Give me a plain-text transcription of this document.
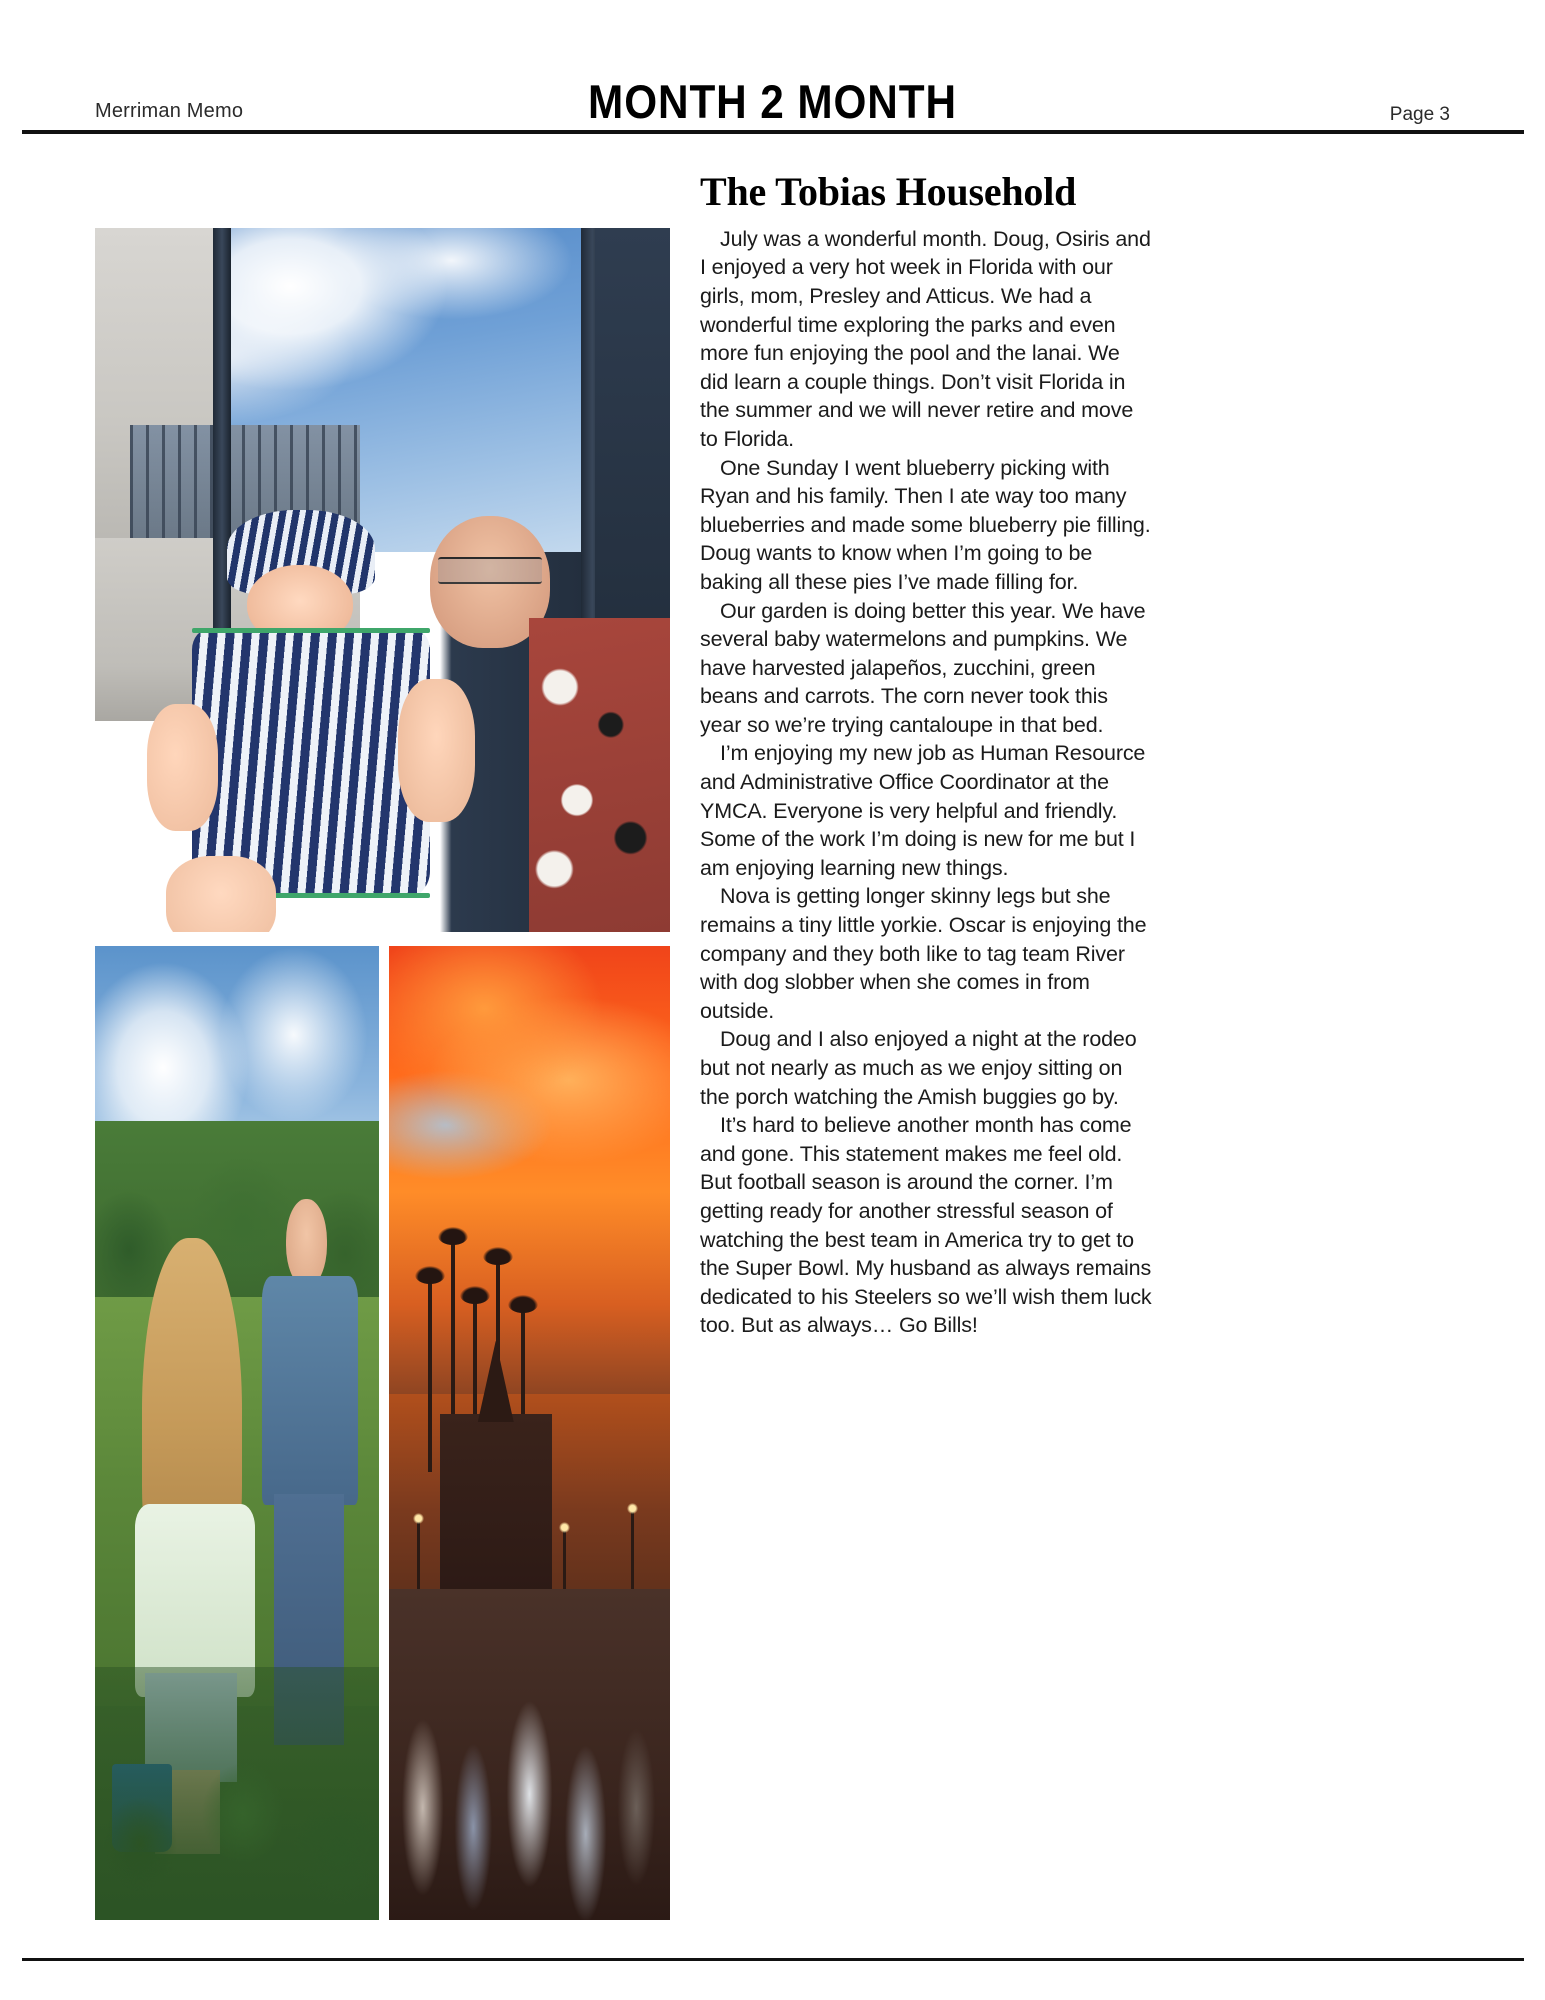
Merriman Memo	MONTH 2 MONTH	Page 3
The Tobias Household

July was a wonderful month. Doug, Osiris and I enjoyed a very hot week in Florida with our girls, mom, Presley and Atticus. We had a wonderful time exploring the parks and even more fun enjoying the pool and the lanai. We did learn a couple things. Don’t visit Florida in the summer and we will never retire and move to Florida.

One Sunday I went blueberry picking with Ryan and his family. Then I ate way too many blueberries and made some blueberry pie filling. Doug wants to know when I’m going to be baking all these pies I’ve made filling for.

Our garden is doing better this year. We have several baby watermelons and pumpkins. We have harvested jalapeños, zucchini, green beans and carrots. The corn never took this year so we’re trying cantaloupe in that bed.

I’m enjoying my new job as Human Resource and Administrative Office Coordinator at the YMCA. Everyone is very helpful and friendly. Some of the work I’m doing is new for me but I am enjoying learning new things.

Nova is getting longer skinny legs but she remains a tiny little yorkie. Oscar is enjoying the company and they both like to tag team River with dog slobber when she comes in from outside.

Doug and I also enjoyed a night at the rodeo but not nearly as much as we enjoy sitting on the porch watching the Amish buggies go by.

It’s hard to believe another month has come and gone. This statement makes me feel old. But football season is around the corner. I’m getting ready for another stressful season of watching the best team in America try to get to the Super Bowl. My husband as always remains dedicated to his Steelers so we’ll wish them luck too. But as always… Go Bills!
